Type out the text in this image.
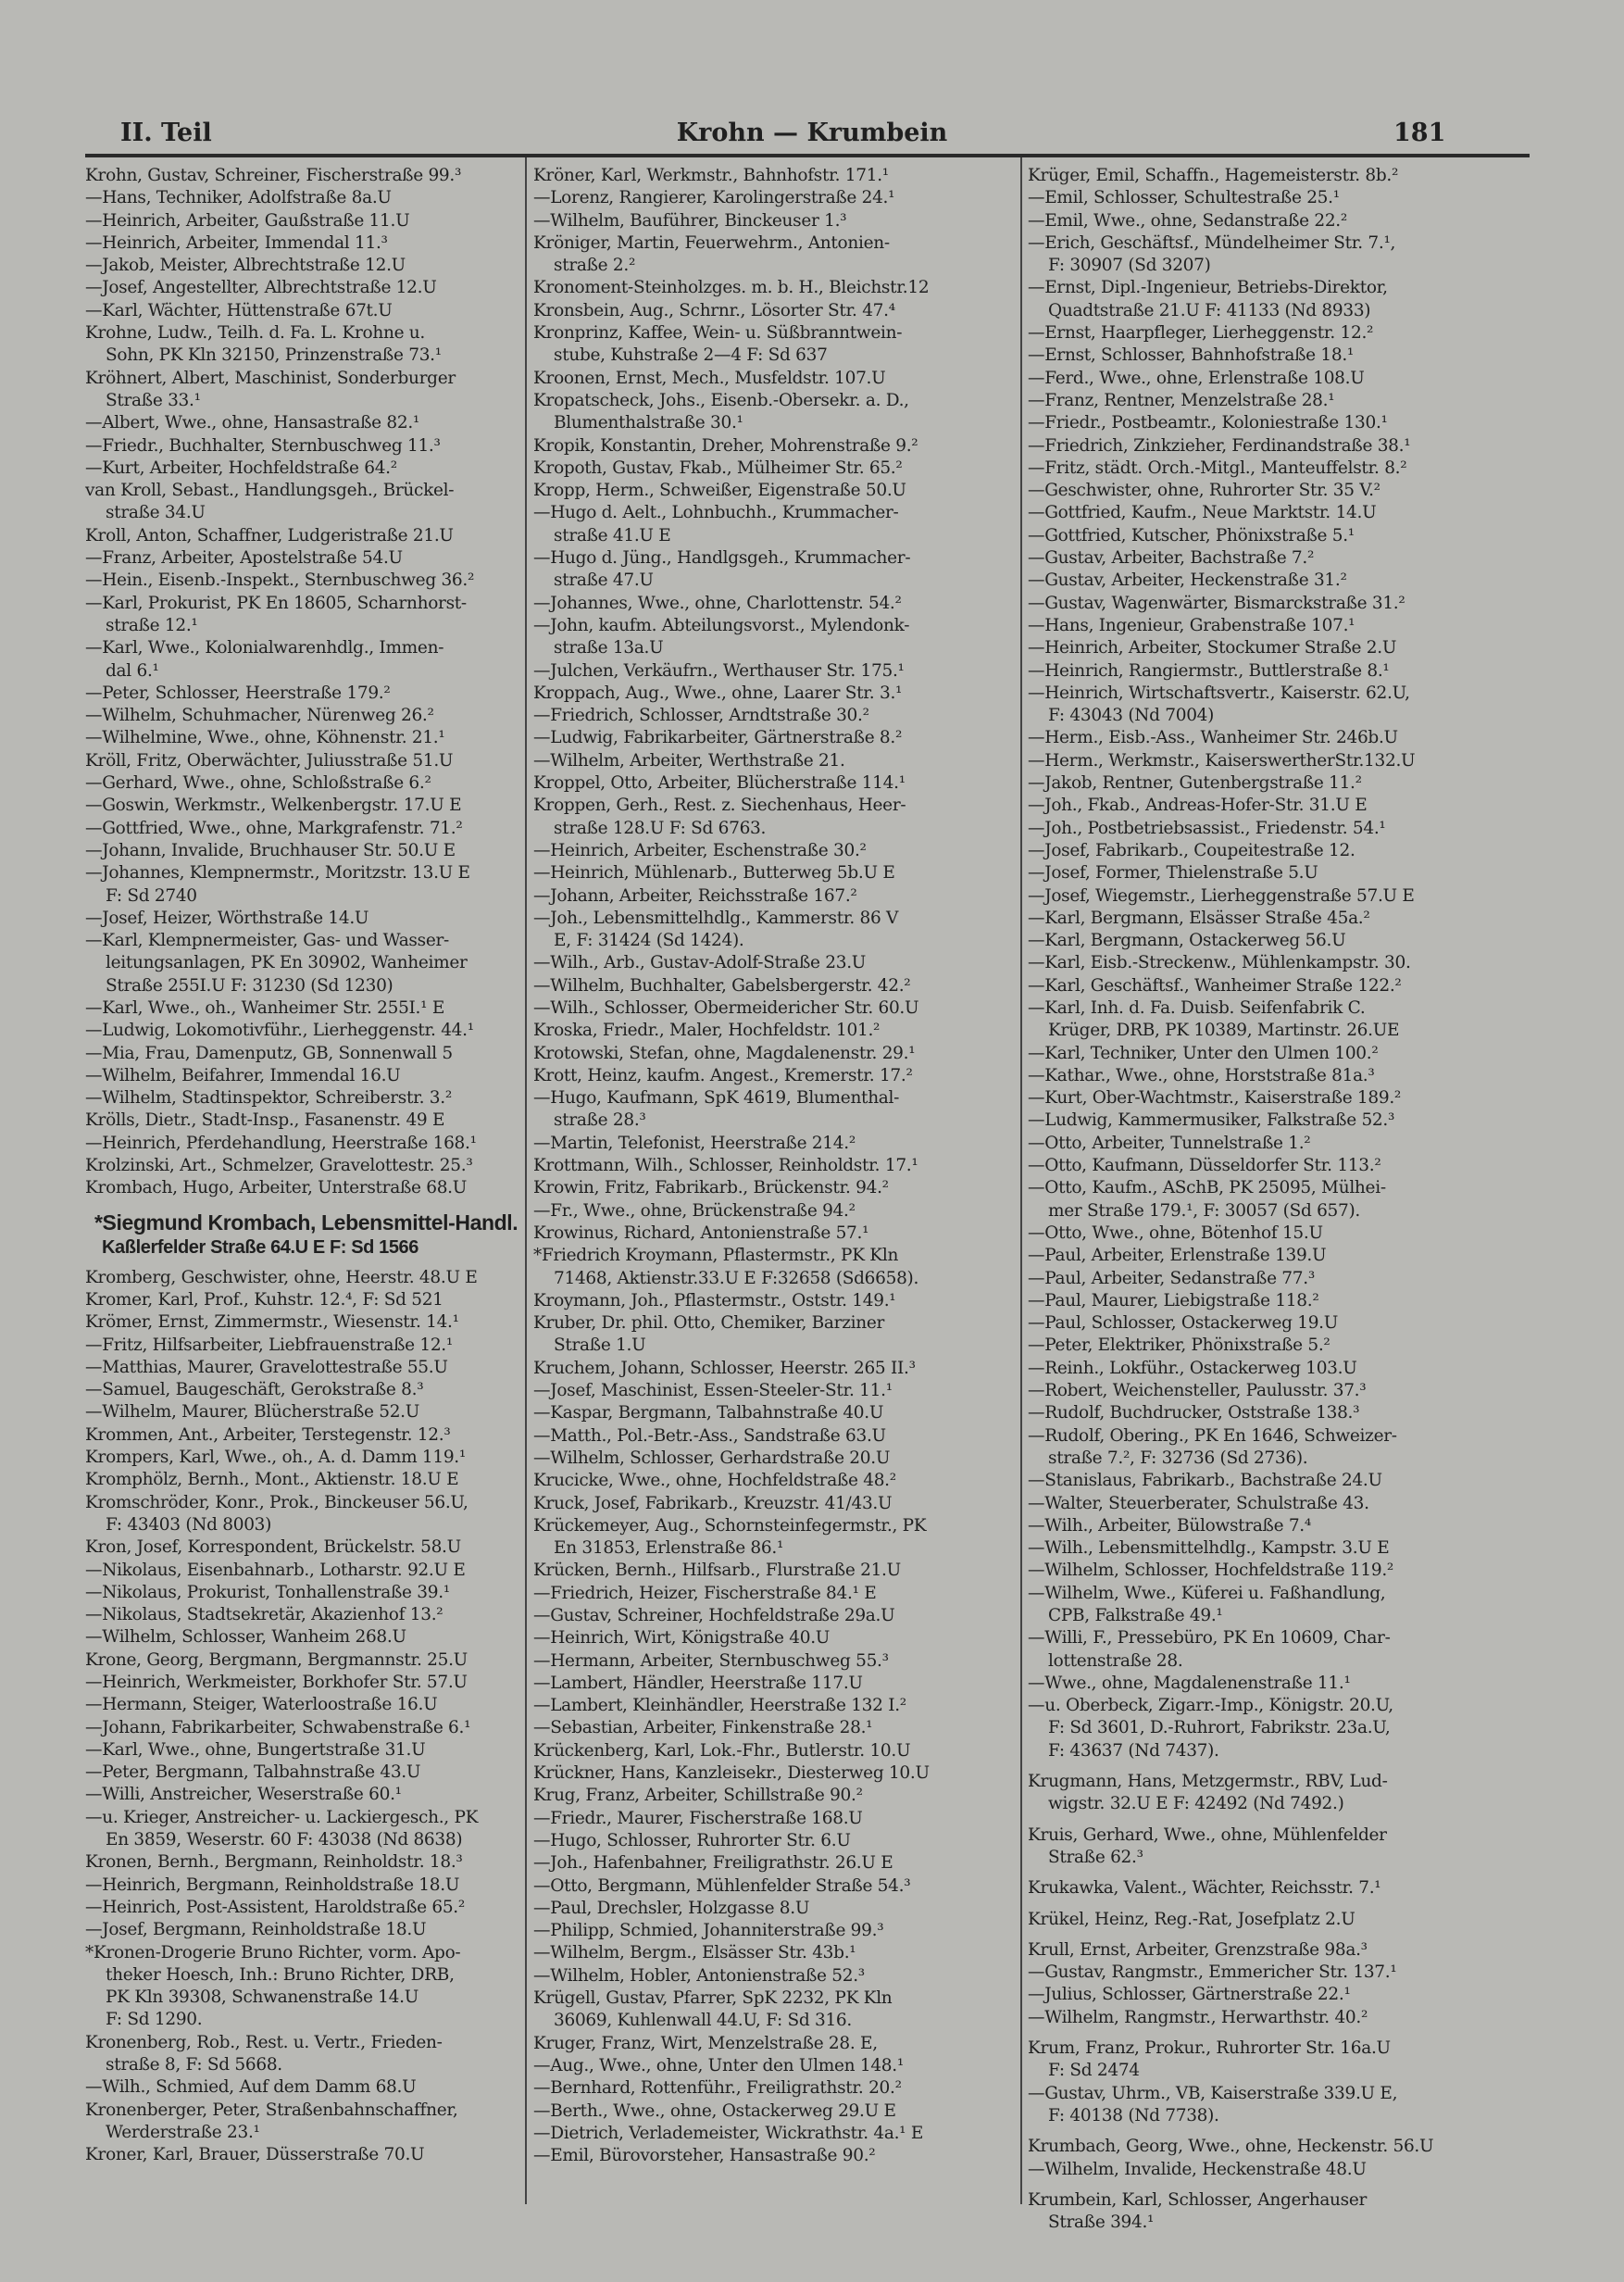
II. Teil	Krohn — Krumbein	181
Krohn, Gustav, Schreiner, Fischerstraße 99.³
—Hans, Techniker, Adolfstraße 8a.U
—Heinrich, Arbeiter, Gaußstraße 11.U
—Heinrich, Arbeiter, Immendal 11.³
—Jakob, Meister, Albrechtstraße 12.U
—Josef, Angestellter, Albrechtstraße 12.U
—Karl, Wächter, Hüttenstraße 67t.U
Krohne, Ludw., Teilh. d. Fa. L. Krohne u.
Sohn, PK Kln 32150, Prinzenstraße 73.¹
Kröhnert, Albert, Maschinist, Sonderburger
Straße 33.¹
—Albert, Wwe., ohne, Hansastraße 82.¹
—Friedr., Buchhalter, Sternbuschweg 11.³
—Kurt, Arbeiter, Hochfeldstraße 64.²
van Kroll, Sebast., Handlungsgeh., Brückel-
straße 34.U
Kroll, Anton, Schaffner, Ludgeristraße 21.U
—Franz, Arbeiter, Apostelstraße 54.U
—Hein., Eisenb.-Inspekt., Sternbuschweg 36.²
—Karl, Prokurist, PK En 18605, Scharnhorst-
straße 12.¹
—Karl, Wwe., Kolonialwarenhdlg., Immen-
dal 6.¹
—Peter, Schlosser, Heerstraße 179.²
—Wilhelm, Schuhmacher, Nürenweg 26.²
—Wilhelmine, Wwe., ohne, Köhnenstr. 21.¹
Kröll, Fritz, Oberwächter, Juliusstraße 51.U
—Gerhard, Wwe., ohne, Schloßstraße 6.²
—Goswin, Werkmstr., Welkenbergstr. 17.U E
—Gottfried, Wwe., ohne, Markgrafenstr. 71.²
—Johann, Invalide, Bruchhauser Str. 50.U E
—Johannes, Klempnermstr., Moritzstr. 13.U E
F: Sd 2740
—Josef, Heizer, Wörthstraße 14.U
—Karl, Klempnermeister, Gas- und Wasser-
leitungsanlagen, PK En 30902, Wanheimer
Straße 255I.U F: 31230 (Sd 1230)
—Karl, Wwe., oh., Wanheimer Str. 255I.¹ E
—Ludwig, Lokomotivführ., Lierheggenstr. 44.¹
—Mia, Frau, Damenputz, GB, Sonnenwall 5
—Wilhelm, Beifahrer, Immendal 16.U
—Wilhelm, Stadtinspektor, Schreiberstr. 3.²
Krölls, Dietr., Stadt-Insp., Fasanenstr. 49 E
—Heinrich, Pferdehandlung, Heerstraße 168.¹
Krolzinski, Art., Schmelzer, Gravelottestr. 25.³
Krombach, Hugo, Arbeiter, Unterstraße 68.U
*Siegmund Krombach, Lebensmittel-Handl.
Kaßlerfelder Straße 64.U E F: Sd 1566
Kromberg, Geschwister, ohne, Heerstr. 48.U E
Kromer, Karl, Prof., Kuhstr. 12.⁴, F: Sd 521
Krömer, Ernst, Zimmermstr., Wiesenstr. 14.¹
—Fritz, Hilfsarbeiter, Liebfrauenstraße 12.¹
—Matthias, Maurer, Gravelottestraße 55.U
—Samuel, Baugeschäft, Gerokstraße 8.³
—Wilhelm, Maurer, Blücherstraße 52.U
Krommen, Ant., Arbeiter, Terstegenstr. 12.³
Krompers, Karl, Wwe., oh., A. d. Damm 119.¹
Kromphölz, Bernh., Mont., Aktienstr. 18.U E
Kromschröder, Konr., Prok., Binckeuser 56.U,
F: 43403 (Nd 8003)
Kron, Josef, Korrespondent, Brückelstr. 58.U
—Nikolaus, Eisenbahnarb., Lotharstr. 92.U E
—Nikolaus, Prokurist, Tonhallenstraße 39.¹
—Nikolaus, Stadtsekretär, Akazienhof 13.²
—Wilhelm, Schlosser, Wanheim 268.U
Krone, Georg, Bergmann, Bergmannstr. 25.U
—Heinrich, Werkmeister, Borkhofer Str. 57.U
—Hermann, Steiger, Waterloostraße 16.U
—Johann, Fabrikarbeiter, Schwabenstraße 6.¹
—Karl, Wwe., ohne, Bungertstraße 31.U
—Peter, Bergmann, Talbahnstraße 43.U
—Willi, Anstreicher, Weserstraße 60.¹
—u. Krieger, Anstreicher- u. Lackiergesch., PK
En 3859, Weserstr. 60 F: 43038 (Nd 8638)
Kronen, Bernh., Bergmann, Reinholdstr. 18.³
—Heinrich, Bergmann, Reinholdstraße 18.U
—Heinrich, Post-Assistent, Haroldstraße 65.²
—Josef, Bergmann, Reinholdstraße 18.U
*Kronen-Drogerie Bruno Richter, vorm. Apo-
theker Hoesch, Inh.: Bruno Richter, DRB,
PK Kln 39308, Schwanenstraße 14.U
F: Sd 1290.
Kronenberg, Rob., Rest. u. Vertr., Frieden-
straße 8, F: Sd 5668.
—Wilh., Schmied, Auf dem Damm 68.U
Kronenberger, Peter, Straßenbahnschaffner,
Werderstraße 23.¹
Kroner, Karl, Brauer, Düsserstraße 70.U
Kröner, Karl, Werkmstr., Bahnhofstr. 171.¹
—Lorenz, Rangierer, Karolingerstraße 24.¹
—Wilhelm, Bauführer, Binckeuser 1.³
Kröniger, Martin, Feuerwehrm., Antonien-
straße 2.²
Kronoment-Steinholzges. m. b. H., Bleichstr.12
Kronsbein, Aug., Schrnr., Lösorter Str. 47.⁴
Kronprinz, Kaffee, Wein- u. Süßbranntwein-
stube, Kuhstraße 2—4 F: Sd 637
Kroonen, Ernst, Mech., Musfeldstr. 107.U
Kropatscheck, Johs., Eisenb.-Obersekr. a. D.,
Blumenthalstraße 30.¹
Kropik, Konstantin, Dreher, Mohrenstraße 9.²
Kropoth, Gustav, Fkab., Mülheimer Str. 65.²
Kropp, Herm., Schweißer, Eigenstraße 50.U
—Hugo d. Aelt., Lohnbuchh., Krummacher-
straße 41.U E
—Hugo d. Jüng., Handlgsgeh., Krummacher-
straße 47.U
—Johannes, Wwe., ohne, Charlottenstr. 54.²
—John, kaufm. Abteilungsvorst., Mylendonk-
straße 13a.U
—Julchen, Verkäufrn., Werthauser Str. 175.¹
Kroppach, Aug., Wwe., ohne, Laarer Str. 3.¹
—Friedrich, Schlosser, Arndtstraße 30.²
—Ludwig, Fabrikarbeiter, Gärtnerstraße 8.²
—Wilhelm, Arbeiter, Werthstraße 21.
Kroppel, Otto, Arbeiter, Blücherstraße 114.¹
Kroppen, Gerh., Rest. z. Siechenhaus, Heer-
straße 128.U F: Sd 6763.
—Heinrich, Arbeiter, Eschenstraße 30.²
—Heinrich, Mühlenarb., Butterweg 5b.U E
—Johann, Arbeiter, Reichsstraße 167.²
—Joh., Lebensmittelhdlg., Kammerstr. 86 V
E, F: 31424 (Sd 1424).
—Wilh., Arb., Gustav-Adolf-Straße 23.U
—Wilhelm, Buchhalter, Gabelsbergerstr. 42.²
—Wilh., Schlosser, Obermeidericher Str. 60.U
Kroska, Friedr., Maler, Hochfeldstr. 101.²
Krotowski, Stefan, ohne, Magdalenenstr. 29.¹
Krott, Heinz, kaufm. Angest., Kremerstr. 17.²
—Hugo, Kaufmann, SpK 4619, Blumenthal-
straße 28.³
—Martin, Telefonist, Heerstraße 214.²
Krottmann, Wilh., Schlosser, Reinholdstr. 17.¹
Krowin, Fritz, Fabrikarb., Brückenstr. 94.²
—Fr., Wwe., ohne, Brückenstraße 94.²
Krowinus, Richard, Antonienstraße 57.¹
*Friedrich Kroymann, Pflastermstr., PK Kln
71468, Aktienstr.33.U E F:32658 (Sd6658).
Kroymann, Joh., Pflastermstr., Oststr. 149.¹
Kruber, Dr. phil. Otto, Chemiker, Barziner
Straße 1.U
Kruchem, Johann, Schlosser, Heerstr. 265 II.³
—Josef, Maschinist, Essen-Steeler-Str. 11.¹
—Kaspar, Bergmann, Talbahnstraße 40.U
—Matth., Pol.-Betr.-Ass., Sandstraße 63.U
—Wilhelm, Schlosser, Gerhardstraße 20.U
Krucicke, Wwe., ohne, Hochfeldstraße 48.²
Kruck, Josef, Fabrikarb., Kreuzstr. 41/43.U
Krückemeyer, Aug., Schornsteinfegermstr., PK
En 31853, Erlenstraße 86.¹
Krücken, Bernh., Hilfsarb., Flurstraße 21.U
—Friedrich, Heizer, Fischerstraße 84.¹ E
—Gustav, Schreiner, Hochfeldstraße 29a.U
—Heinrich, Wirt, Königstraße 40.U
—Hermann, Arbeiter, Sternbuschweg 55.³
—Lambert, Händler, Heerstraße 117.U
—Lambert, Kleinhändler, Heerstraße 132 I.²
—Sebastian, Arbeiter, Finkenstraße 28.¹
Krückenberg, Karl, Lok.-Fhr., Butlerstr. 10.U
Krückner, Hans, Kanzleisekr., Diesterweg 10.U
Krug, Franz, Arbeiter, Schillstraße 90.²
—Friedr., Maurer, Fischerstraße 168.U
—Hugo, Schlosser, Ruhrorter Str. 6.U
—Joh., Hafenbahner, Freiligrathstr. 26.U E
—Otto, Bergmann, Mühlenfelder Straße 54.³
—Paul, Drechsler, Holzgasse 8.U
—Philipp, Schmied, Johanniterstraße 99.³
—Wilhelm, Bergm., Elsässer Str. 43b.¹
—Wilhelm, Hobler, Antonienstraße 52.³
Krügell, Gustav, Pfarrer, SpK 2232, PK Kln
36069, Kuhlenwall 44.U, F: Sd 316.
Kruger, Franz, Wirt, Menzelstraße 28. E,
—Aug., Wwe., ohne, Unter den Ulmen 148.¹
—Bernhard, Rottenführ., Freiligrathstr. 20.²
—Berth., Wwe., ohne, Ostackerweg 29.U E
—Dietrich, Verlademeister, Wickrathstr. 4a.¹ E
—Emil, Bürovorsteher, Hansastraße 90.²
Krüger, Emil, Schaffn., Hagemeisterstr. 8b.²
—Emil, Schlosser, Schultestraße 25.¹
—Emil, Wwe., ohne, Sedanstraße 22.²
—Erich, Geschäftsf., Mündelheimer Str. 7.¹,
F: 30907 (Sd 3207)
—Ernst, Dipl.-Ingenieur, Betriebs-Direktor,
Quadtstraße 21.U F: 41133 (Nd 8933)
—Ernst, Haarpfleger, Lierheggenstr. 12.²
—Ernst, Schlosser, Bahnhofstraße 18.¹
—Ferd., Wwe., ohne, Erlenstraße 108.U
—Franz, Rentner, Menzelstraße 28.¹
—Friedr., Postbeamtr., Koloniestraße 130.¹
—Friedrich, Zinkzieher, Ferdinandstraße 38.¹
—Fritz, städt. Orch.-Mitgl., Manteuffelstr. 8.²
—Geschwister, ohne, Ruhrorter Str. 35 V.²
—Gottfried, Kaufm., Neue Marktstr. 14.U
—Gottfried, Kutscher, Phönixstraße 5.¹
—Gustav, Arbeiter, Bachstraße 7.²
—Gustav, Arbeiter, Heckenstraße 31.²
—Gustav, Wagenwärter, Bismarckstraße 31.²
—Hans, Ingenieur, Grabenstraße 107.¹
—Heinrich, Arbeiter, Stockumer Straße 2.U
—Heinrich, Rangiermstr., Buttlerstraße 8.¹
—Heinrich, Wirtschaftsvertr., Kaiserstr. 62.U,
F: 43043 (Nd 7004)
—Herm., Eisb.-Ass., Wanheimer Str. 246b.U
—Herm., Werkmstr., KaiserswertherStr.132.U
—Jakob, Rentner, Gutenbergstraße 11.²
—Joh., Fkab., Andreas-Hofer-Str. 31.U E
—Joh., Postbetriebsassist., Friedenstr. 54.¹
—Josef, Fabrikarb., Coupeitestraße 12.
—Josef, Former, Thielenstraße 5.U
—Josef, Wiegemstr., Lierheggenstraße 57.U E
—Karl, Bergmann, Elsässer Straße 45a.²
—Karl, Bergmann, Ostackerweg 56.U
—Karl, Eisb.-Streckenw., Mühlenkampstr. 30.
—Karl, Geschäftsf., Wanheimer Straße 122.²
—Karl, Inh. d. Fa. Duisb. Seifenfabrik C.
Krüger, DRB, PK 10389, Martinstr. 26.UE
—Karl, Techniker, Unter den Ulmen 100.²
—Kathar., Wwe., ohne, Horststraße 81a.³
—Kurt, Ober-Wachtmstr., Kaiserstraße 189.²
—Ludwig, Kammermusiker, Falkstraße 52.³
—Otto, Arbeiter, Tunnelstraße 1.²
—Otto, Kaufmann, Düsseldorfer Str. 113.²
—Otto, Kaufm., ASchB, PK 25095, Mülhei-
mer Straße 179.¹, F: 30057 (Sd 657).
—Otto, Wwe., ohne, Bötenhof 15.U
—Paul, Arbeiter, Erlenstraße 139.U
—Paul, Arbeiter, Sedanstraße 77.³
—Paul, Maurer, Liebigstraße 118.²
—Paul, Schlosser, Ostackerweg 19.U
—Peter, Elektriker, Phönixstraße 5.²
—Reinh., Lokführ., Ostackerweg 103.U
—Robert, Weichensteller, Paulusstr. 37.³
—Rudolf, Buchdrucker, Oststraße 138.³
—Rudolf, Obering., PK En 1646, Schweizer-
straße 7.², F: 32736 (Sd 2736).
—Stanislaus, Fabrikarb., Bachstraße 24.U
—Walter, Steuerberater, Schulstraße 43.
—Wilh., Arbeiter, Bülowstraße 7.⁴
—Wilh., Lebensmittelhdlg., Kampstr. 3.U E
—Wilhelm, Schlosser, Hochfeldstraße 119.²
—Wilhelm, Wwe., Küferei u. Faßhandlung,
CPB, Falkstraße 49.¹
—Willi, F., Pressebüro, PK En 10609, Char-
lottenstraße 28.
—Wwe., ohne, Magdalenenstraße 11.¹
—u. Oberbeck, Zigarr.-Imp., Königstr. 20.U,
F: Sd 3601, D.-Ruhrort, Fabrikstr. 23a.U,
F: 43637 (Nd 7437).
Krugmann, Hans, Metzgermstr., RBV, Lud-
wigstr. 32.U E F: 42492 (Nd 7492.)
Kruis, Gerhard, Wwe., ohne, Mühlenfelder
Straße 62.³
Krukawka, Valent., Wächter, Reichsstr. 7.¹
Krükel, Heinz, Reg.-Rat, Josefplatz 2.U
Krull, Ernst, Arbeiter, Grenzstraße 98a.³
—Gustav, Rangmstr., Emmericher Str. 137.¹
—Julius, Schlosser, Gärtnerstraße 22.¹
—Wilhelm, Rangmstr., Herwarthstr. 40.²
Krum, Franz, Prokur., Ruhrorter Str. 16a.U
F: Sd 2474
—Gustav, Uhrm., VB, Kaiserstraße 339.U E,
F: 40138 (Nd 7738).
Krumbach, Georg, Wwe., ohne, Heckenstr. 56.U
—Wilhelm, Invalide, Heckenstraße 48.U
Krumbein, Karl, Schlosser, Angerhauser
Straße 394.¹
